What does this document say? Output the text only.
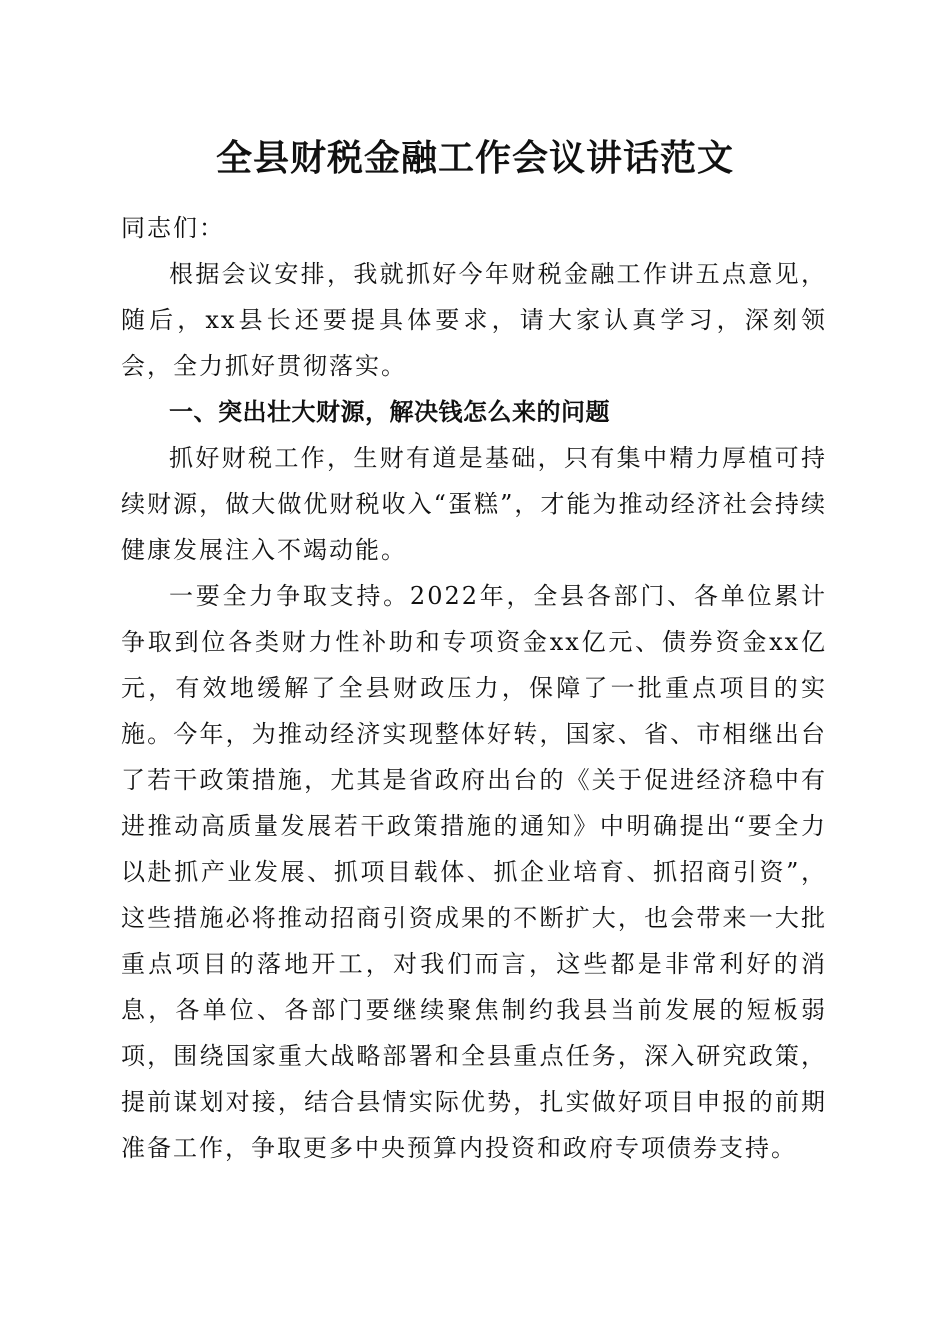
全县财税金融工作会议讲话范文

同志们：

根据会议安排，我就抓好今年财税金融工作讲五点意见，随后，xx县长还要提具体要求，请大家认真学习，深刻领会，全力抓好贯彻落实。

一、突出壮大财源，解决钱怎么来的问题

抓好财税工作，生财有道是基础，只有集中精力厚植可持续财源，做大做优财税收入“蛋糕”，才能为推动经济社会持续健康发展注入不竭动能。

一要全力争取支持。2022年，全县各部门、各单位累计争取到位各类财力性补助和专项资金xx亿元、债券资金xx亿元，有效地缓解了全县财政压力，保障了一批重点项目的实施。今年，为推动经济实现整体好转，国家、省、市相继出台了若干政策措施，尤其是省政府出台的《关于促进经济稳中有进推动高质量发展若干政策措施的通知》中明确提出“要全力以赴抓产业发展、抓项目载体、抓企业培育、抓招商引资”，这些措施必将推动招商引资成果的不断扩大，也会带来一大批重点项目的落地开工，对我们而言，这些都是非常利好的消息，各单位、各部门要继续聚焦制约我县当前发展的短板弱项，围绕国家重大战略部署和全县重点任务，深入研究政策，提前谋划对接，结合县情实际优势，扎实做好项目申报的前期准备工作，争取更多中央预算内投资和政府专项债券支持。
